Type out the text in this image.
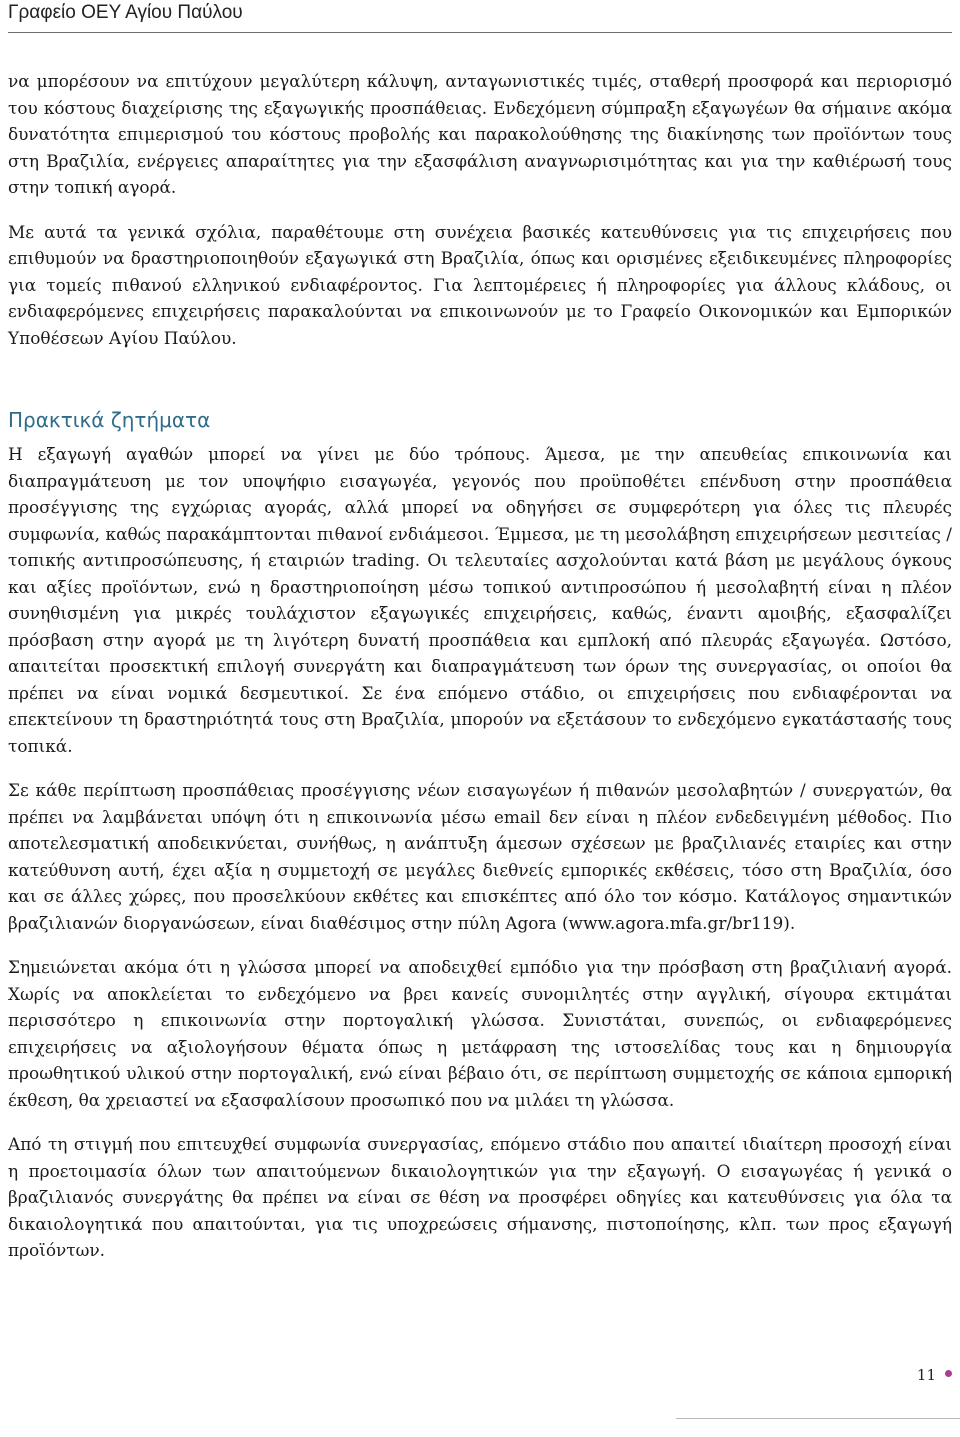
Γραφείο ΟΕΥ Αγίου Παύλου

να μπορέσουν να επιτύχουν μεγαλύτερη κάλυψη, ανταγωνιστικές τιμές, σταθερή προσφορά και περιορισμό του κόστους διαχείρισης της εξαγωγικής προσπάθειας. Ενδεχόμενη σύμπραξη εξαγωγέων θα σήμαινε ακόμα δυνατότητα επιμερισμού του κόστους προβολής και παρακολούθησης της διακίνησης των προϊόντων τους στη Βραζιλία, ενέργειες απαραίτητες για την εξασφάλιση αναγνωρισιμότητας και για την καθιέρωσή τους στην τοπική αγορά.

Με αυτά τα γενικά σχόλια, παραθέτουμε στη συνέχεια βασικές κατευθύνσεις για τις επιχειρήσεις που επιθυμούν να δραστηριοποιηθούν εξαγωγικά στη Βραζιλία, όπως και ορισμένες εξειδικευμένες πληροφορίες για τομείς πιθανού ελληνικού ενδιαφέροντος. Για λεπτομέρειες ή πληροφορίες για άλλους κλάδους, οι ενδιαφερόμενες επιχειρήσεις παρακαλούνται να επικοινωνούν με το Γραφείο Οικονομικών και Εμπορικών Υποθέσεων Αγίου Παύλου.

Πρακτικά ζητήματα

Η εξαγωγή αγαθών μπορεί να γίνει με δύο τρόπους. Άμεσα, με την απευθείας επικοινωνία και διαπραγμάτευση με τον υποψήφιο εισαγωγέα, γεγονός που προϋποθέτει επένδυση στην προσπάθεια προσέγγισης της εγχώριας αγοράς, αλλά μπορεί να οδηγήσει σε συμφερότερη για όλες τις πλευρές συμφωνία, καθώς παρακάμπτονται πιθανοί ενδιάμεσοι. Έμμεσα, με τη μεσολάβηση επιχειρήσεων μεσιτείας / τοπικής αντιπροσώπευσης, ή εταιριών trading. Οι τελευταίες ασχολούνται κατά βάση με μεγάλους όγκους και αξίες προϊόντων, ενώ η δραστηριοποίηση μέσω τοπικού αντιπροσώπου ή μεσολαβητή είναι η πλέον συνηθισμένη για μικρές τουλάχιστον εξαγωγικές επιχειρήσεις, καθώς, έναντι αμοιβής, εξασφαλίζει πρόσβαση στην αγορά με τη λιγότερη δυνατή προσπάθεια και εμπλοκή από πλευράς εξαγωγέα. Ωστόσο, απαιτείται προσεκτική επιλογή συνεργάτη και διαπραγμάτευση των όρων της συνεργασίας, οι οποίοι θα πρέπει να είναι νομικά δεσμευτικοί. Σε ένα επόμενο στάδιο, οι επιχειρήσεις που ενδιαφέρονται να επεκτείνουν τη δραστηριότητά τους στη Βραζιλία, μπορούν να εξετάσουν το ενδεχόμενο εγκατάστασής τους τοπικά.

Σε κάθε περίπτωση προσπάθειας προσέγγισης νέων εισαγωγέων ή πιθανών μεσολαβητών / συνεργατών, θα πρέπει να λαμβάνεται υπόψη ότι η επικοινωνία μέσω email δεν είναι η πλέον ενδεδειγμένη μέθοδος. Πιο αποτελεσματική αποδεικνύεται, συνήθως, η ανάπτυξη άμεσων σχέσεων με βραζιλιανές εταιρίες και στην κατεύθυνση αυτή, έχει αξία η συμμετοχή σε μεγάλες διεθνείς εμπορικές εκθέσεις, τόσο στη Βραζιλία, όσο και σε άλλες χώρες, που προσελκύουν εκθέτες και επισκέπτες από όλο τον κόσμο. Κατάλογος σημαντικών βραζιλιανών διοργανώσεων, είναι διαθέσιμος στην πύλη Agora (www.agora.mfa.gr/br119).

Σημειώνεται ακόμα ότι η γλώσσα μπορεί να αποδειχθεί εμπόδιο για την πρόσβαση στη βραζιλιανή αγορά. Χωρίς να αποκλείεται το ενδεχόμενο να βρει κανείς συνομιλητές στην αγγλική, σίγουρα εκτιμάται περισσότερο η επικοινωνία στην πορτογαλική γλώσσα. Συνιστάται, συνεπώς, οι ενδιαφερόμενες επιχειρήσεις να αξιολογήσουν θέματα όπως η μετάφραση της ιστοσελίδας τους και η δημιουργία προωθητικού υλικού στην πορτογαλική, ενώ είναι βέβαιο ότι, σε περίπτωση συμμετοχής σε κάποια εμπορική έκθεση, θα χρειαστεί να εξασφαλίσουν προσωπικό που να μιλάει τη γλώσσα.

Από τη στιγμή που επιτευχθεί συμφωνία συνεργασίας, επόμενο στάδιο που απαιτεί ιδιαίτερη προσοχή είναι η προετοιμασία όλων των απαιτούμενων δικαιολογητικών για την εξαγωγή. Ο εισαγωγέας ή γενικά ο βραζιλιανός συνεργάτης θα πρέπει να είναι σε θέση να προσφέρει οδηγίες και κατευθύνσεις για όλα τα δικαιολογητικά που απαιτούνται, για τις υποχρεώσεις σήμανσης, πιστοποίησης, κλπ. των προς εξαγωγή προϊόντων.

11
